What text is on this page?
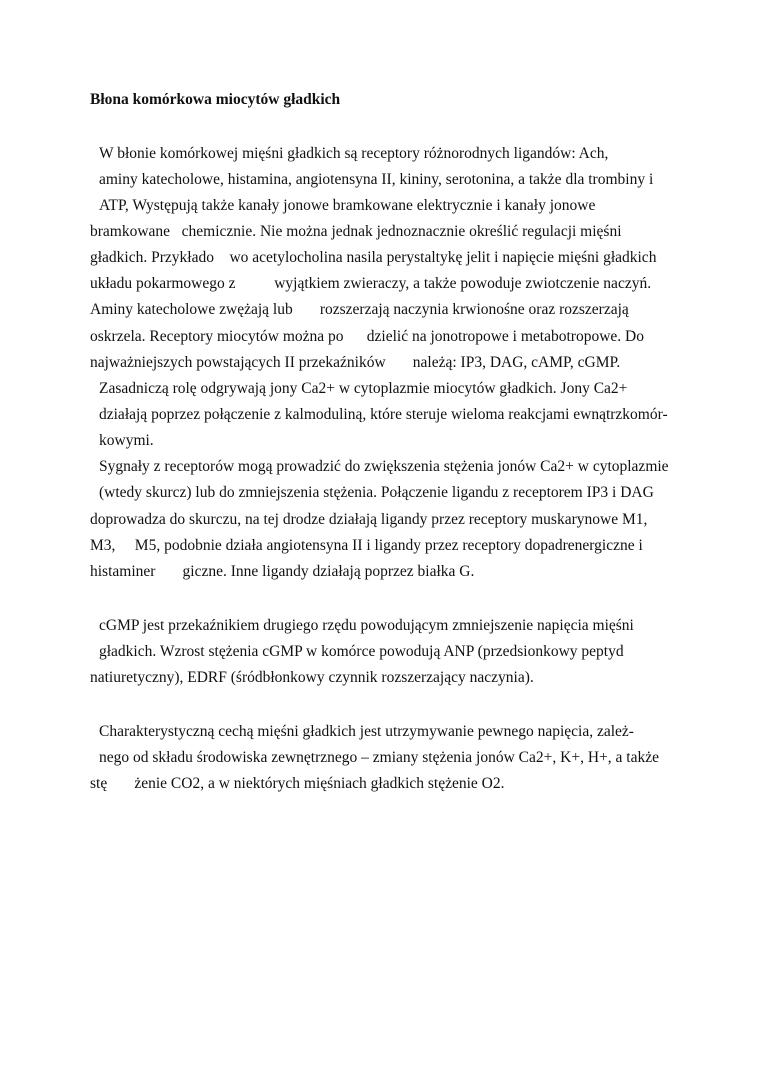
Błona komórkowa miocytów gładkich
W błonie komórkowej mięśni gładkich są receptory różnorodnych ligandów: Ach,
aminy katecholowe, histamina, angiotensyna II, kininy, serotonina, a także dla trombiny i
ATP, Występują także kanały jonowe bramkowane elektrycznie i kanały jonowe
bramkowane   chemicznie. Nie można jednak jednoznacznie określić regulacji mięśni
gładkich. Przykłado    wo acetylocholina nasila perystaltykę jelit i napięcie mięśni gładkich
układu pokarmowego z          wyjątkiem zwieraczy, a także powoduje zwiotczenie naczyń.
Aminy katecholowe zwężają lub       rozszerzają naczynia krwionośne oraz rozszerzają
oskrzela. Receptory miocytów można po      dzielić na jonotropowe i metabotropowe. Do
najważniejszych powstających II przekaźników       należą: IP3, DAG, cAMP, cGMP.
Zasadniczą rolę odgrywają jony Ca2+ w cytoplazmie miocytów gładkich. Jony Ca2+
działają poprzez połączenie z kalmoduliną, które steruje wieloma reakcjami ewnątrzkomór-
kowymi.
Sygnały z receptorów mogą prowadzić do zwiększenia stężenia jonów Ca2+ w cytoplazmie
(wtedy skurcz) lub do zmniejszenia stężenia. Połączenie ligandu z receptorem IP3 i DAG
doprowadza do skurczu, na tej drodze działają ligandy przez receptory muskarynowe M1,
M3,     M5, podobnie działa angiotensyna II i ligandy przez receptory dopadrenergiczne i
histaminer       giczne. Inne ligandy działają poprzez białka G.
cGMP jest przekaźnikiem drugiego rzędu powodującym zmniejszenie napięcia mięśni
gładkich. Wzrost stężenia cGMP w komórce powodują ANP (przedsionkowy peptyd
natiuretyczny), EDRF (śródbłonkowy czynnik rozszerzający naczynia).
Charakterystyczną cechą mięśni gładkich jest utrzymywanie pewnego napięcia, zależ-
nego od składu środowiska zewnętrznego – zmiany stężenia jonów Ca2+, K+, H+, a także
stę       żenie CO2, a w niektórych mięśniach gładkich stężenie O2.
